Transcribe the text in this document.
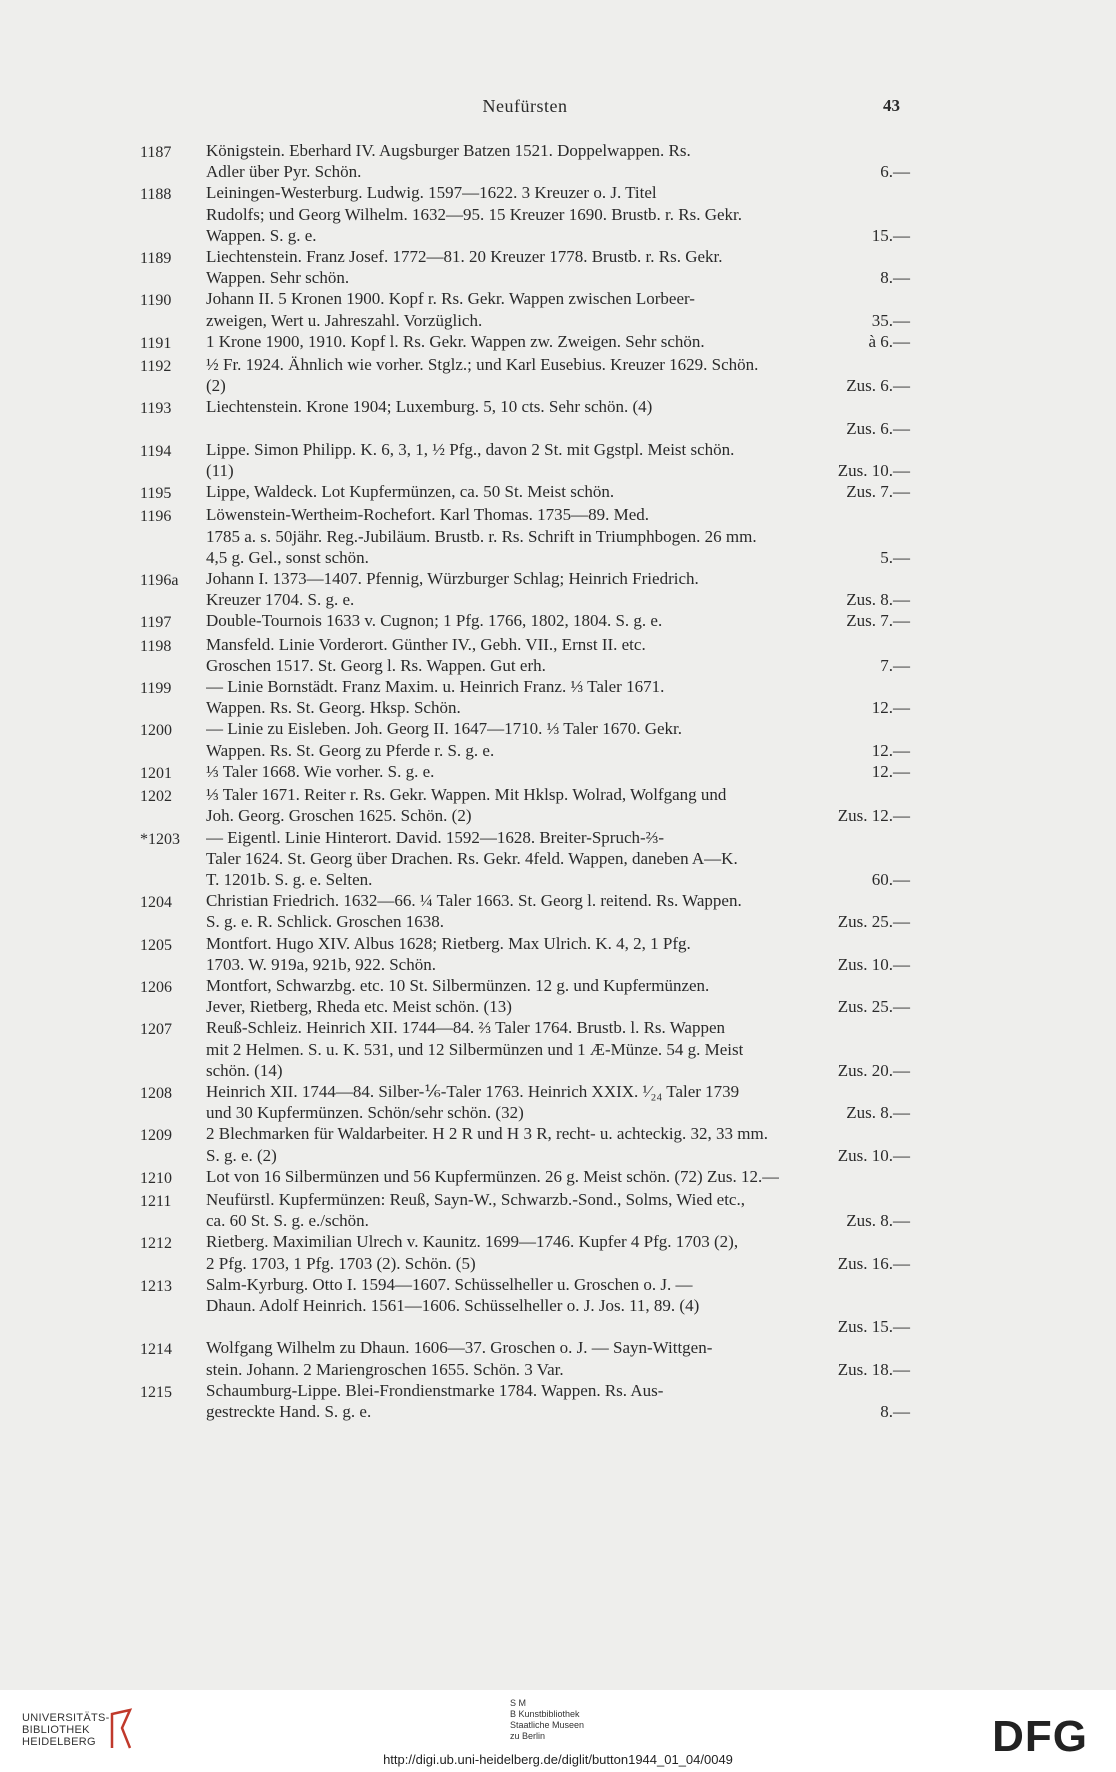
Neufürsten	43
1187	Königstein. Eberhard IV. Augsburger Batzen 1521. Doppelwappen. Rs.
Adler über Pyr. Schön.	6.—
1188	Leiningen-Westerburg. Ludwig. 1597—1622. 3 Kreuzer o. J. Titel
Rudolfs; und Georg Wilhelm. 1632—95. 15 Kreuzer 1690. Brustb. r. Rs. Gekr.
Wappen. S. g. e.	15.—
1189	Liechtenstein. Franz Josef. 1772—81. 20 Kreuzer 1778. Brustb. r. Rs. Gekr.
Wappen. Sehr schön.	8.—
1190	Johann II. 5 Kronen 1900. Kopf r. Rs. Gekr. Wappen zwischen Lorbeer-
zweigen, Wert u. Jahreszahl. Vorzüglich.	35.—
1191	1 Krone 1900, 1910. Kopf l. Rs. Gekr. Wappen zw. Zweigen. Sehr schön.	à 6.—
1192	½ Fr. 1924. Ähnlich wie vorher. Stglz.; und Karl Eusebius. Kreuzer 1629. Schön.
(2)	Zus. 6.—
1193	Liechtenstein. Krone 1904; Luxemburg. 5, 10 cts. Sehr schön. (4)
Zus. 6.—
1194	Lippe. Simon Philipp. K. 6, 3, 1, ½ Pfg., davon 2 St. mit Ggstpl. Meist schön.
(11)	Zus. 10.—
1195	Lippe, Waldeck. Lot Kupfermünzen, ca. 50 St. Meist schön.	Zus. 7.—
1196	Löwenstein-Wertheim-Rochefort. Karl Thomas. 1735—89. Med.
1785 a. s. 50jähr. Reg.-Jubiläum. Brustb. r. Rs. Schrift in Triumphbogen. 26 mm.
4,5 g. Gel., sonst schön.	5.—
1196a	Johann I. 1373—1407. Pfennig, Würzburger Schlag; Heinrich Friedrich.
Kreuzer 1704. S. g. e.	Zus. 8.—
1197	Double-Tournois 1633 v. Cugnon; 1 Pfg. 1766, 1802, 1804. S. g. e.	Zus. 7.—
1198	Mansfeld. Linie Vorderort. Günther IV., Gebh. VII., Ernst II. etc.
Groschen 1517. St. Georg l. Rs. Wappen. Gut erh.	7.—
1199	— Linie Bornstädt. Franz Maxim. u. Heinrich Franz. ⅓ Taler 1671.
Wappen. Rs. St. Georg. Hksp. Schön.	12.—
1200	— Linie zu Eisleben. Joh. Georg II. 1647—1710. ⅓ Taler 1670. Gekr.
Wappen. Rs. St. Georg zu Pferde r. S. g. e.	12.—
1201	⅓ Taler 1668. Wie vorher. S. g. e.	12.—
1202	⅓ Taler 1671. Reiter r. Rs. Gekr. Wappen. Mit Hklsp. Wolrad, Wolfgang und
Joh. Georg. Groschen 1625. Schön. (2)	Zus. 12.—
*1203	— Eigentl. Linie Hinterort. David. 1592—1628. Breiter-Spruch-⅔-
Taler 1624. St. Georg über Drachen. Rs. Gekr. 4feld. Wappen, daneben A—K.
T. 1201b. S. g. e. Selten.	60.—
1204	Christian Friedrich. 1632—66. ¼ Taler 1663. St. Georg l. reitend. Rs. Wappen.
S. g. e. R. Schlick. Groschen 1638.	Zus. 25.—
1205	Montfort. Hugo XIV. Albus 1628; Rietberg. Max Ulrich. K. 4, 2, 1 Pfg.
1703. W. 919a, 921b, 922. Schön.	Zus. 10.—
1206	Montfort, Schwarzbg. etc. 10 St. Silbermünzen. 12 g. und Kupfermünzen.
Jever, Rietberg, Rheda etc. Meist schön. (13)	Zus. 25.—
1207	Reuß-Schleiz. Heinrich XII. 1744—84. ⅔ Taler 1764. Brustb. l. Rs. Wappen
mit 2 Helmen. S. u. K. 531, und 12 Silbermünzen und 1 Æ-Münze. 54 g. Meist
schön. (14)	Zus. 20.—
1208	Heinrich XII. 1744—84. Silber-⅙-Taler 1763. Heinrich XXIX. ¹⁄₂₄ Taler 1739
und 30 Kupfermünzen. Schön/sehr schön. (32)	Zus. 8.—
1209	2 Blechmarken für Waldarbeiter. H 2 R und H 3 R, recht- u. achteckig. 32, 33 mm.
S. g. e. (2)	Zus. 10.—
1210	Lot von 16 Silbermünzen und 56 Kupfermünzen. 26 g. Meist schön. (72) Zus. 12.—
1211	Neufürstl. Kupfermünzen: Reuß, Sayn-W., Schwarzb.-Sond., Solms, Wied etc.,
ca. 60 St. S. g. e./schön.	Zus. 8.—
1212	Rietberg. Maximilian Ulrech v. Kaunitz. 1699—1746. Kupfer 4 Pfg. 1703 (2),
2 Pfg. 1703, 1 Pfg. 1703 (2). Schön. (5)	Zus. 16.—
1213	Salm-Kyrburg. Otto I. 1594—1607. Schüsselheller u. Groschen o. J. —
Dhaun. Adolf Heinrich. 1561—1606. Schüsselheller o. J. Jos. 11, 89. (4)
Zus. 15.—
1214	Wolfgang Wilhelm zu Dhaun. 1606—37. Groschen o. J. — Sayn-Wittgen-
stein. Johann. 2 Mariengroschen 1655. Schön. 3 Var.	Zus. 18.—
1215	Schaumburg-Lippe. Blei-Frondienstmarke 1784. Wappen. Rs. Aus-
gestreckte Hand. S. g. e.	8.—
UNIVERSITÄTS-
BIBLIOTHEK
HEIDELBERG
S M
B Kunstbibliothek
Staatliche Museen
zu Berlin	DFG
http://digi.ub.uni-heidelberg.de/diglit/button1944_01_04/0049
